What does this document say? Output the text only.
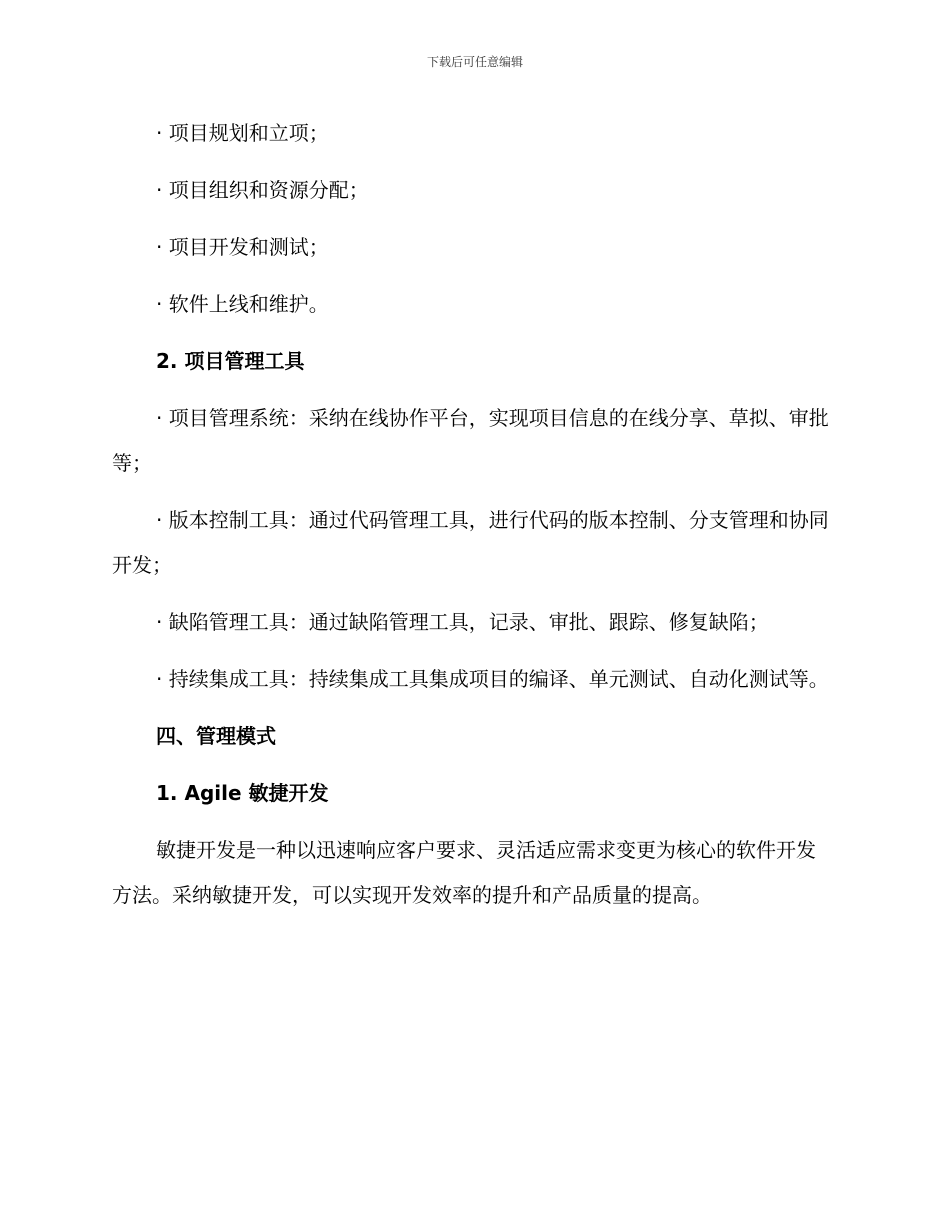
下载后可任意编辑

· 项目规划和立项；

· 项目组织和资源分配；

· 项目开发和测试；

· 软件上线和维护。

2. 项目管理工具

· 项目管理系统：采纳在线协作平台，实现项目信息的在线分享、草拟、审批等；

· 版本控制工具：通过代码管理工具，进行代码的版本控制、分支管理和协同开发；

· 缺陷管理工具：通过缺陷管理工具，记录、审批、跟踪、修复缺陷；

· 持续集成工具：持续集成工具集成项目的编译、单元测试、自动化测试等。

四、管理模式

1. Agile 敏捷开发

敏捷开发是一种以迅速响应客户要求、灵活适应需求变更为核心的软件开发方法。采纳敏捷开发，可以实现开发效率的提升和产品质量的提高。
